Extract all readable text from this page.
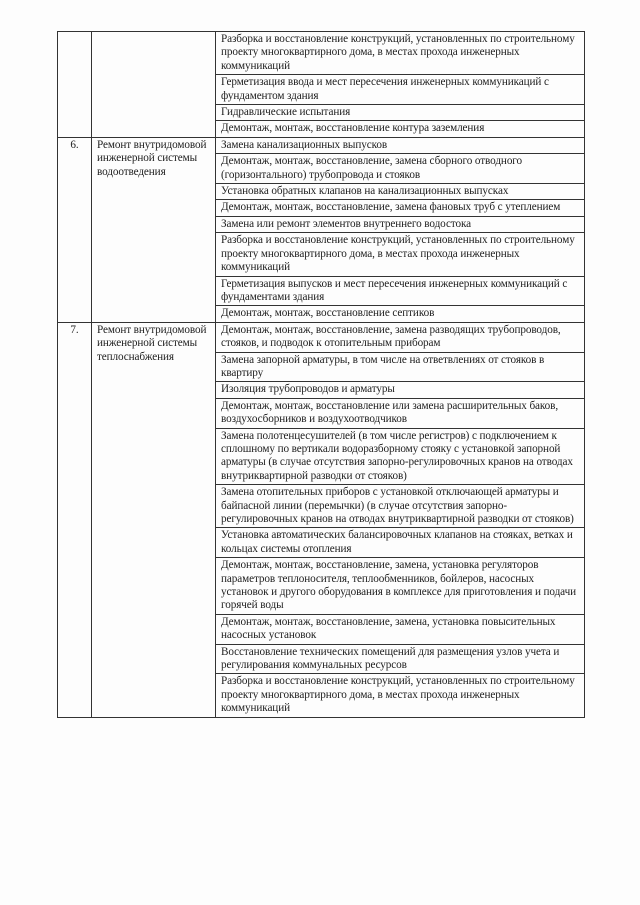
		Разборка и восстановление конструкций, установленных по строительному проекту многоквартирного дома, в местах прохода инженерных коммуникаций
		Герметизация ввода и мест пересечения инженерных коммуникаций с фундаментом здания
		Гидравлические испытания
		Демонтаж, монтаж, восстановление контура заземления
6.	Ремонт внутридомовой инженерной системы водоотведения	Замена канализационных выпусков
		Демонтаж, монтаж, восстановление, замена сборного отводного (горизонтального) трубопровода и стояков
		Установка обратных клапанов на канализационных выпусках
		Демонтаж, монтаж, восстановление, замена фановых труб с утеплением
		Замена или ремонт элементов внутреннего водостока
		Разборка и восстановление конструкций, установленных по строительному проекту многоквартирного дома, в местах прохода инженерных коммуникаций
		Герметизация выпусков и мест пересечения инженерных коммуникаций с фундаментами здания
		Демонтаж, монтаж, восстановление септиков
7.	Ремонт внутридомовой инженерной системы теплоснабжения	Демонтаж, монтаж, восстановление, замена разводящих трубопроводов, стояков, и подводок к отопительным приборам
		Замена запорной арматуры, в том числе на ответвлениях от стояков в квартиру
		Изоляция трубопроводов и арматуры
		Демонтаж, монтаж, восстановление или замена расширительных баков, воздухосборников и воздухоотводчиков
		Замена полотенцесушителей (в том числе регистров) с подключением к сплошному по вертикали водоразборному стояку с установкой запорной арматуры (в случае отсутствия запорно-регулировочных кранов на отводах внутриквартирной разводки от стояков)
		Замена отопительных приборов с установкой отключающей арматуры и байпасной линии (перемычки) (в случае отсутствия запорно-регулировочных кранов на отводах внутриквартирной разводки от стояков)
		Установка автоматических балансировочных клапанов на стояках, ветках и кольцах системы отопления
		Демонтаж, монтаж, восстановление, замена, установка регуляторов параметров теплоносителя, теплообменников, бойлеров, насосных установок и другого оборудования в комплексе для приготовления и подачи горячей воды
		Демонтаж, монтаж, восстановление, замена, установка повысительных насосных установок
		Восстановление технических помещений для размещения узлов учета и регулирования коммунальных ресурсов
		Разборка и восстановление конструкций, установленных по строительному проекту многоквартирного дома, в местах прохода инженерных коммуникаций
